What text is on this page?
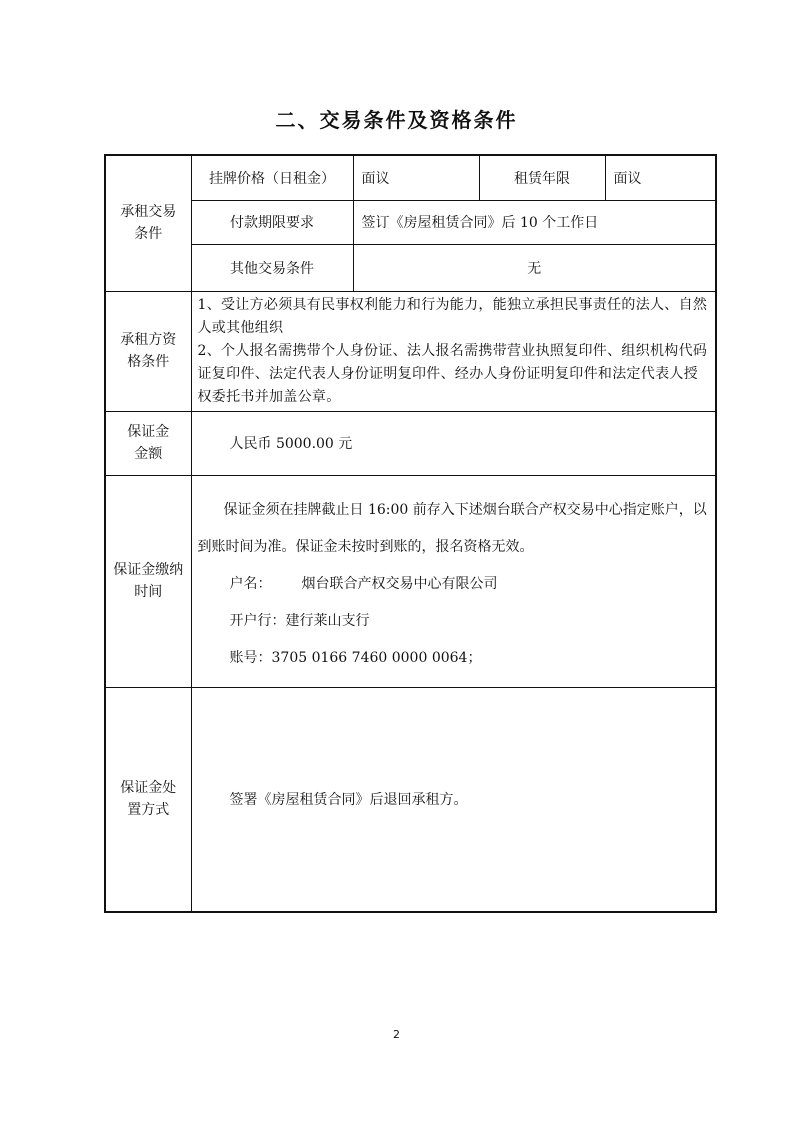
二、交易条件及资格条件
承租交易条件	挂牌价格（日租金）	面议	租赁年限	面议
	付款期限要求	签订《房屋租赁合同》后 10 个工作日		
	其他交易条件	无		

承租方资格条件	1、受让方必须具有民事权利能力和行为能力，能独立承担民事责任的法人、自然人或其他组织
2、个人报名需携带个人身份证、法人报名需携带营业执照复印件、组织机构代码证复印件、法定代表人身份证明复印件、经办人身份证明复印件和法定代表人授权委托书并加盖公章。			

保证金金额	人民币 5000.00 元			

保证金缴纳时间	保证金须在挂牌截止日 16:00 前存入下述烟台联合产权交易中心指定账户，以到账时间为准。保证金未按时到账的，报名资格无效。
户名： 烟台联合产权交易中心有限公司
开户行：建行莱山支行
账号：3705 0166 7460 0000 0064；			

保证金处置方式	签署《房屋租赁合同》后退回承租方。			
2
